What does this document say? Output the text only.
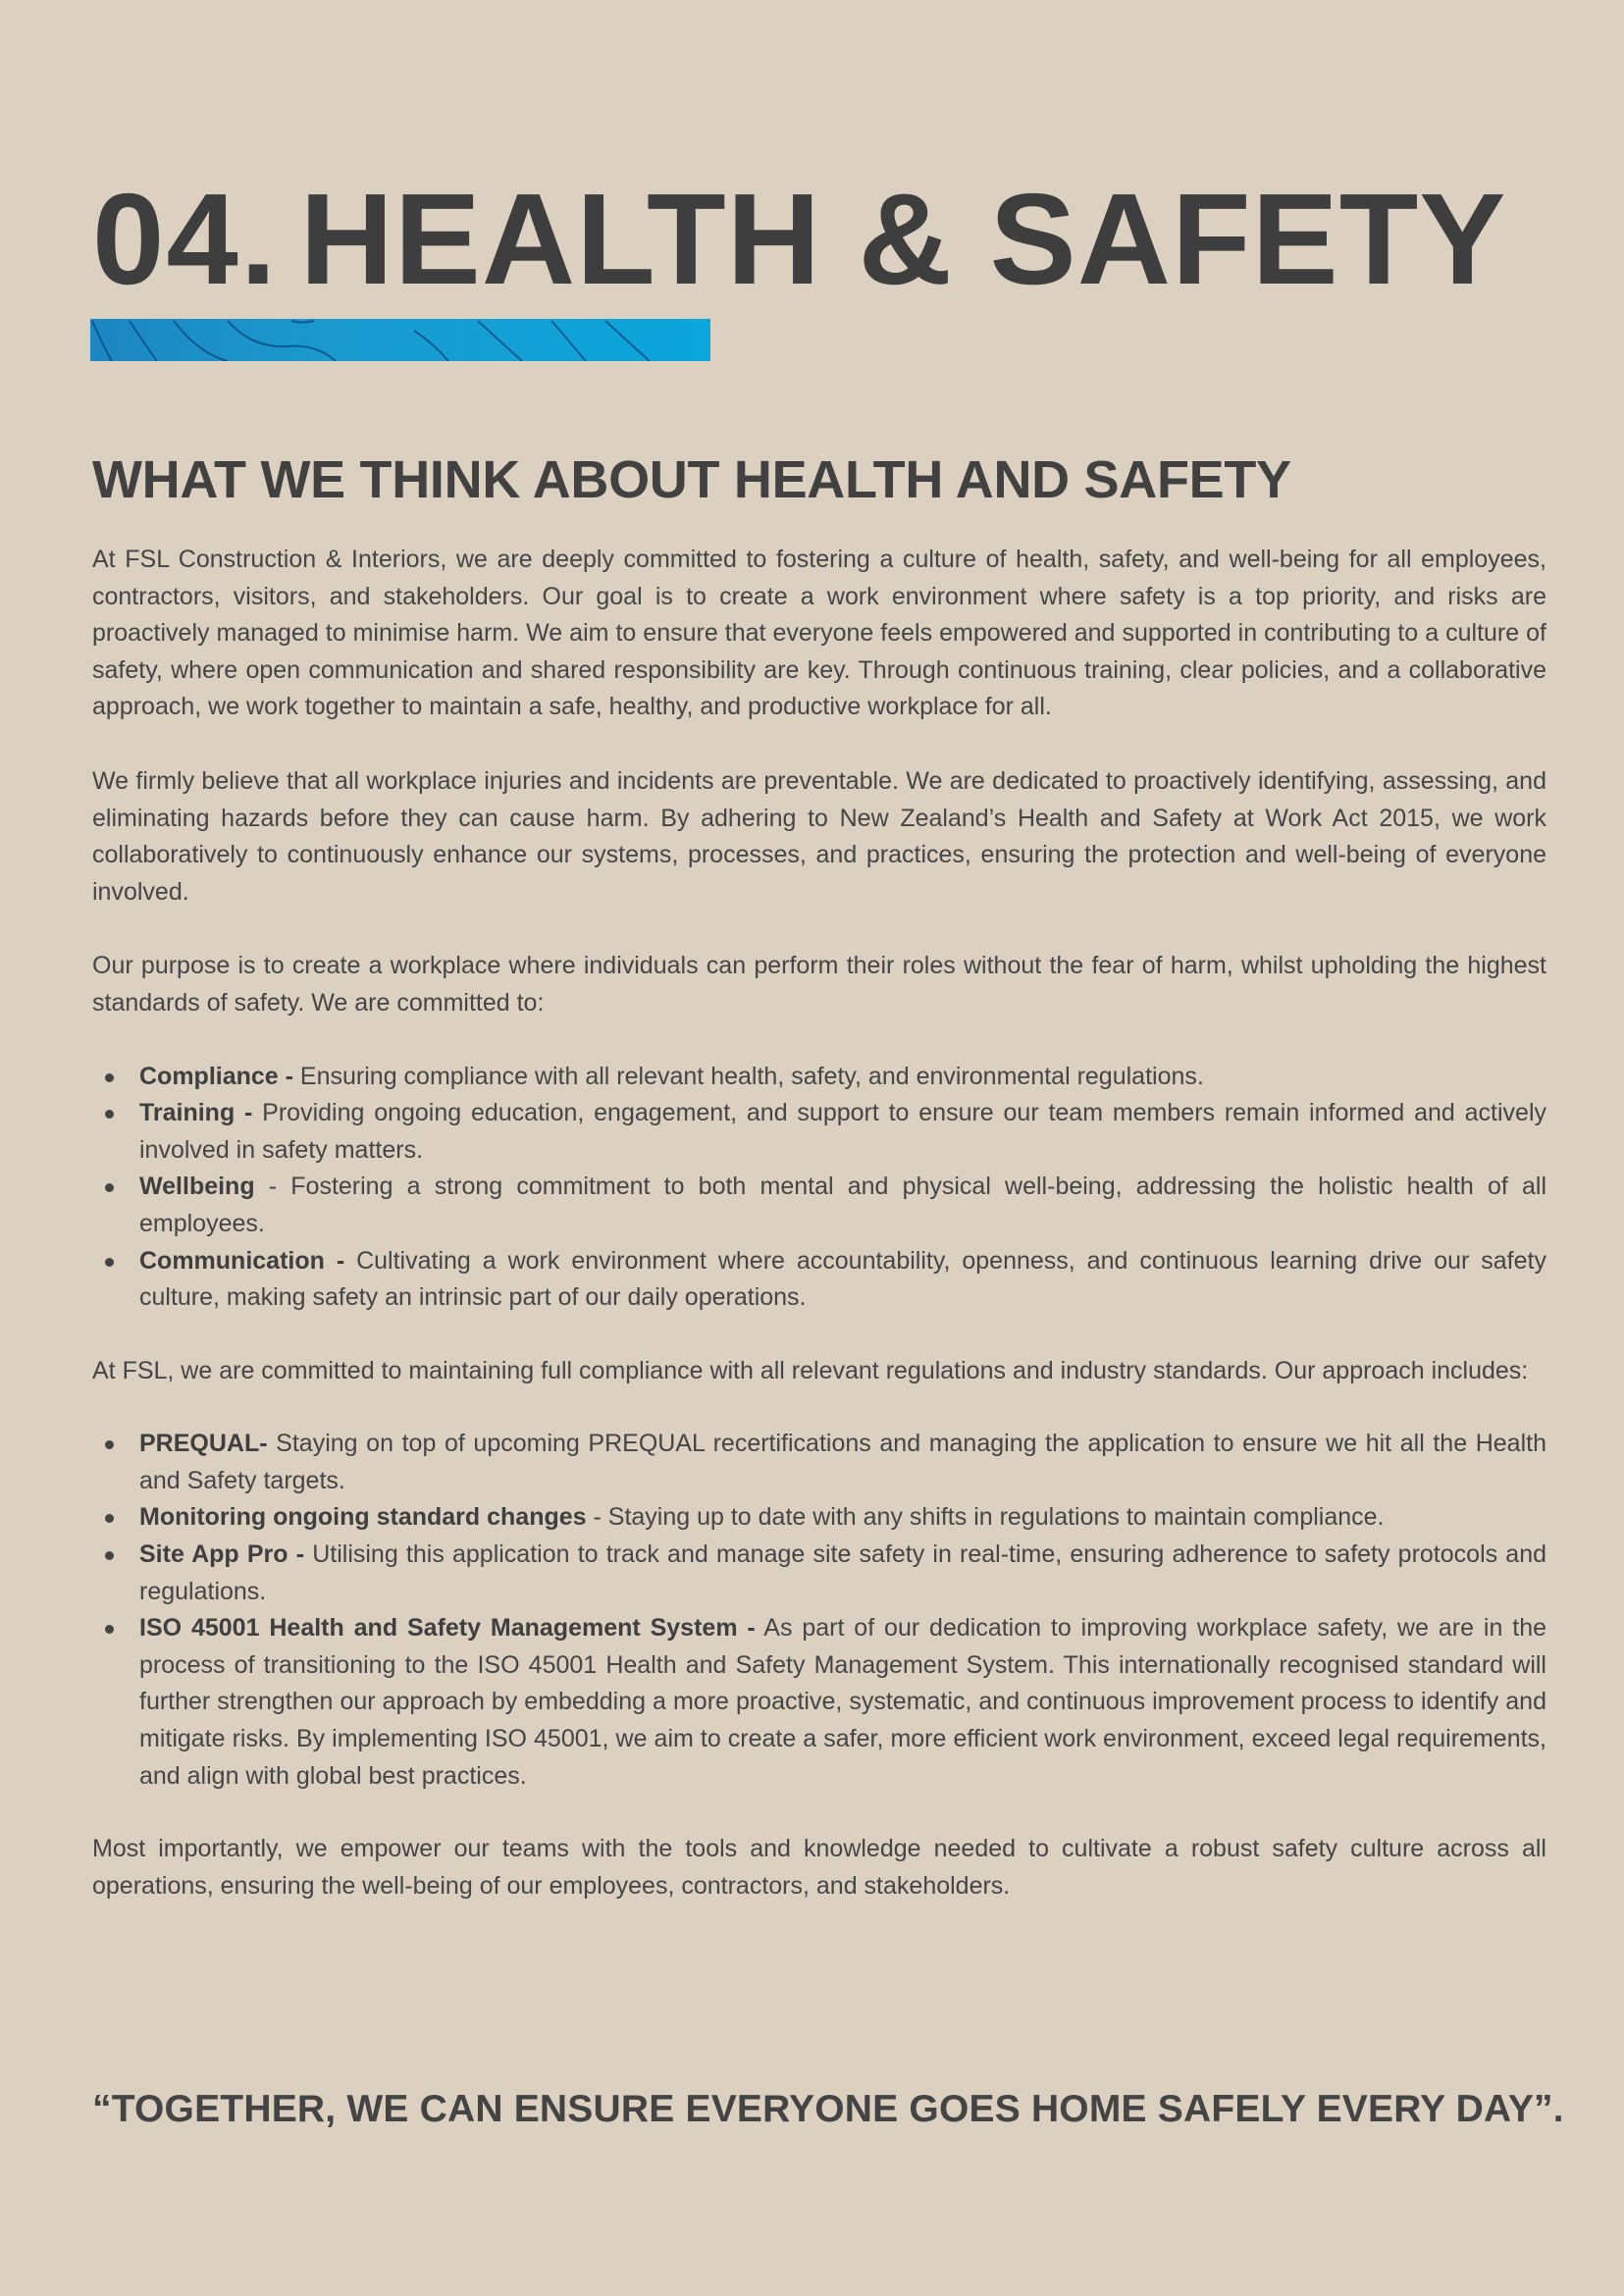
04. HEALTH & SAFETY
WHAT WE THINK ABOUT HEALTH AND SAFETY

At FSL Construction & Interiors, we are deeply committed to fostering a culture of health, safety, and well-being for all employees, contractors, visitors, and stakeholders. Our goal is to create a work environment where safety is a top priority, and risks are proactively managed to minimise harm. We aim to ensure that everyone feels empowered and supported in contributing to a culture of safety, where open communication and shared responsibility are key. Through continuous training, clear policies, and a collaborative approach, we work together to maintain a safe, healthy, and productive workplace for all.

We firmly believe that all workplace injuries and incidents are preventable. We are dedicated to proactively identifying, assessing, and eliminating hazards before they can cause harm. By adhering to New Zealand’s Health and Safety at Work Act 2015, we work collaboratively to continuously enhance our systems, processes, and practices, ensuring the protection and well-being of everyone involved.

Our purpose is to create a workplace where individuals can perform their roles without the fear of harm, whilst upholding the highest standards of safety. We are committed to:

Compliance - Ensuring compliance with all relevant health, safety, and environmental regulations.
Training - Providing ongoing education, engagement, and support to ensure our team members remain informed and actively involved in safety matters.
Wellbeing - Fostering a strong commitment to both mental and physical well-being, addressing the holistic health of all employees.
Communication - Cultivating a work environment where accountability, openness, and continuous learning drive our safety culture, making safety an intrinsic part of our daily operations.

At FSL, we are committed to maintaining full compliance with all relevant regulations and industry standards. Our approach includes:

PREQUAL- Staying on top of upcoming PREQUAL recertifications and managing the application to ensure we hit all the Health and Safety targets.
Monitoring ongoing standard changes - Staying up to date with any shifts in regulations to maintain compliance.
Site App Pro - Utilising this application to track and manage site safety in real-time, ensuring adherence to safety protocols and regulations.
ISO 45001 Health and Safety Management System - As part of our dedication to improving workplace safety, we are in the process of transitioning to the ISO 45001 Health and Safety Management System. This internationally recognised standard will further strengthen our approach by embedding a more proactive, systematic, and continuous improvement process to identify and mitigate risks. By implementing ISO 45001, we aim to create a safer, more efficient work environment, exceed legal requirements, and align with global best practices.

Most importantly, we empower our teams with the tools and knowledge needed to cultivate a robust safety culture across all operations, ensuring the well-being of our employees, contractors, and stakeholders.

“TOGETHER, WE CAN ENSURE EVERYONE GOES HOME SAFELY EVERY DAY”.
